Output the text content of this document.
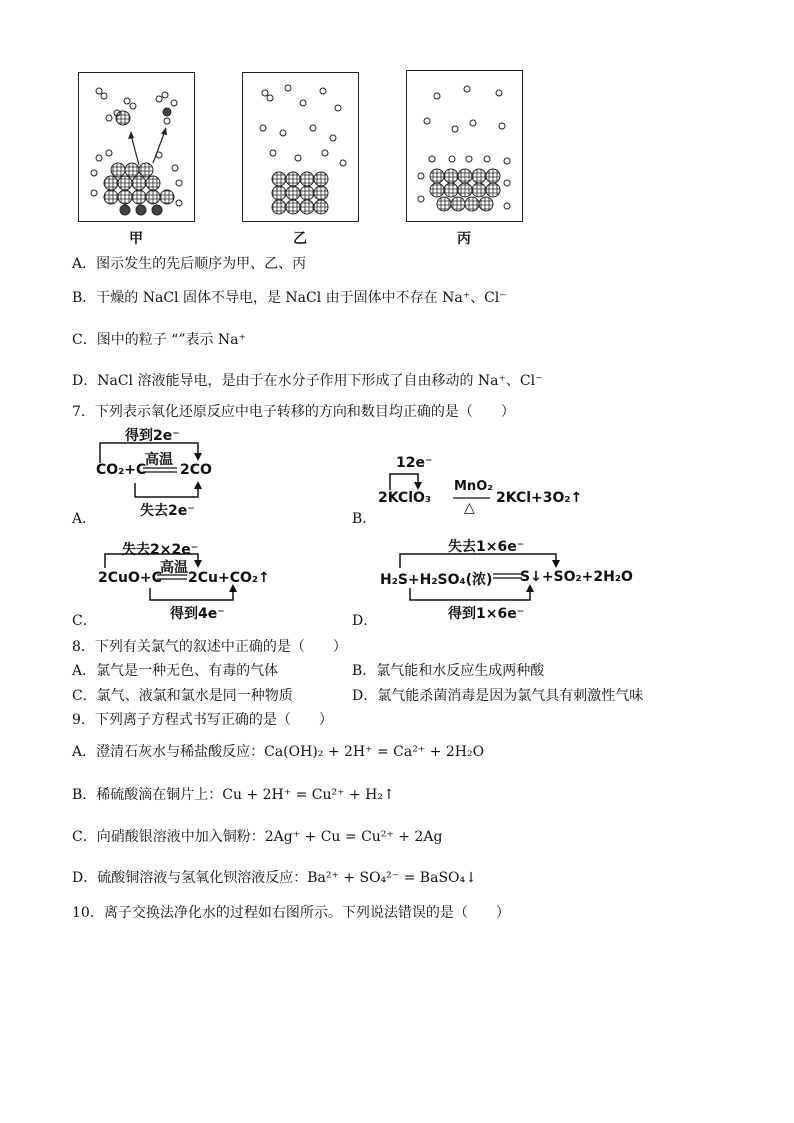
甲	乙	丙
A．图示发生的先后顺序为甲、乙、丙
B．干燥的 NaCl 固体不导电，是 NaCl 由于固体中不存在 Na⁺、Cl⁻
C．图中的粒子 “”表示 Na⁺
D．NaCl 溶液能导电，是由于在水分子作用下形成了自由移动的 Na⁺、Cl⁻
7．下列表示氧化还原反应中电子转移的方向和数目均正确的是（　　）
A．
得到2e⁻
高温
CO₂+C 2CO
失去2e⁻	B．
12e⁻
2KClO₃
MnO₂
△
2KCl+3O₂↑
C．
失去2×2e⁻
高温
2CuO+C 2Cu+CO₂↑
得到4e⁻	D．
失去1×6e⁻
H₂S+H₂SO₄(浓) S↓+SO₂+2H₂O
得到1×6e⁻
8．下列有关氯气的叙述中正确的是（　　）
A．氯气是一种无色、有毒的气体	B．氯气能和水反应生成两种酸
C．氯气、液氯和氯水是同一种物质	D．氯气能杀菌消毒是因为氯气具有刺激性气味
9．下列离子方程式书写正确的是（　　）
A．澄清石灰水与稀盐酸反应：Ca(OH)₂ + 2H⁺ = Ca²⁺ + 2H₂O
B．稀硫酸滴在铜片上：Cu + 2H⁺ = Cu²⁺ + H₂↑
C．向硝酸银溶液中加入铜粉：2Ag⁺ + Cu = Cu²⁺ + 2Ag
D．硫酸铜溶液与氢氧化钡溶液反应：Ba²⁺ + SO₄²⁻ = BaSO₄↓
10．离子交换法净化水的过程如右图所示。下列说法错误的是（　　）
